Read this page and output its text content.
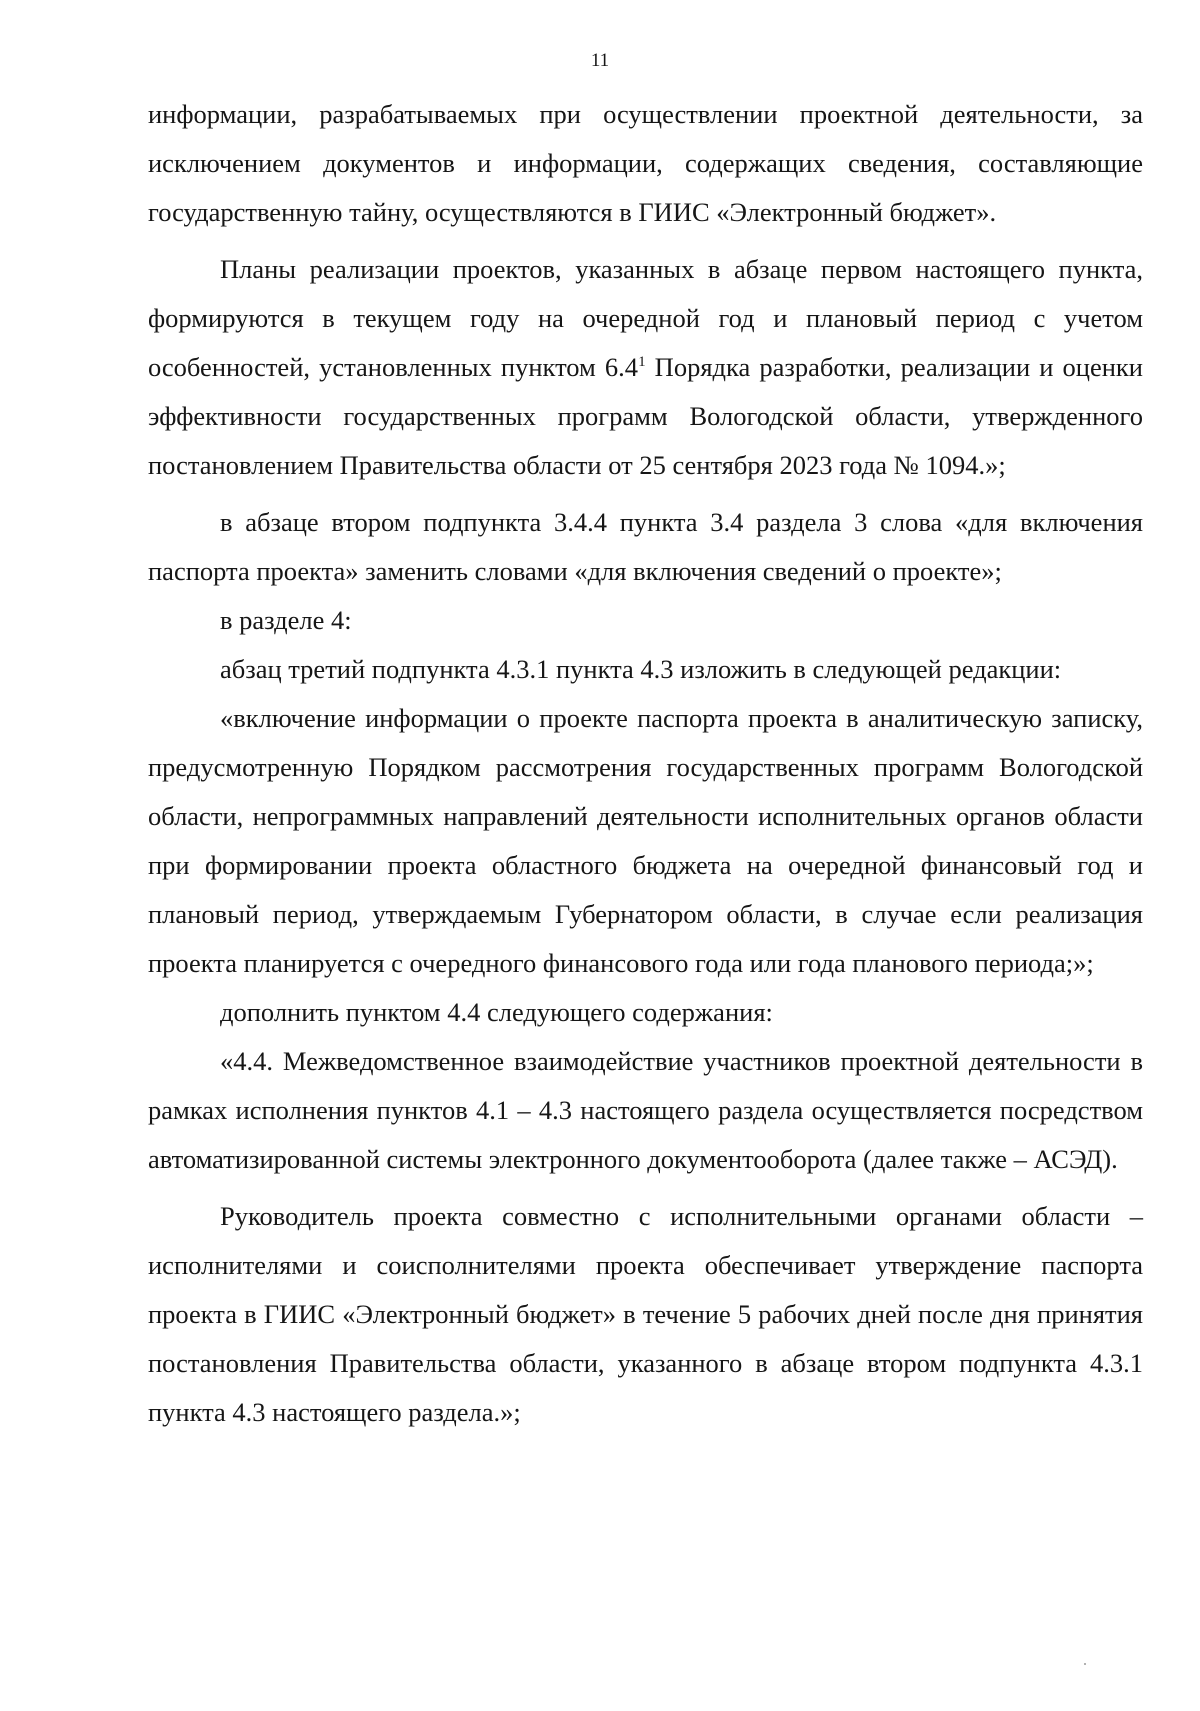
11

информации, разрабатываемых при осуществлении проектной деятельности, за исключением документов и информации, содержащих сведения, составляющие государственную тайну, осуществляются в ГИИС «Электронный бюджет».

Планы реализации проектов, указанных в абзаце первом настоящего пункта, формируются в текущем году на очередной год и плановый период с учетом особенностей, установленных пунктом $6.4^1$ Порядка разработки, реализации и оценки эффективности государственных программ Вологодской области, утвержденного постановлением Правительства области от 25 сентября 2023 года № 1094.»;

в абзаце втором подпункта 3.4.4 пункта 3.4 раздела 3 слова «для включения паспорта проекта» заменить словами «для включения сведений о проекте»;

в разделе 4:

абзац третий подпункта 4.3.1 пункта 4.3 изложить в следующей редакции:

«включение информации о проекте паспорта проекта в аналитическую записку, предусмотренную Порядком рассмотрения государственных программ Вологодской области, непрограммных направлений деятельности исполнительных органов области при формировании проекта областного бюджета на очередной финансовый год и плановый период, утверждаемым Губернатором области, в случае если реализация проекта планируется с очередного финансового года или года планового периода;»;

дополнить пунктом 4.4 следующего содержания:

«4.4. Межведомственное взаимодействие участников проектной деятельности в рамках исполнения пунктов 4.1 – 4.3 настоящего раздела осуществляется посредством автоматизированной системы электронного документооборота (далее также – АСЭД).

Руководитель проекта совместно с исполнительными органами области – исполнителями и соисполнителями проекта обеспечивает утверждение паспорта проекта в ГИИС «Электронный бюджет» в течение 5 рабочих дней после дня принятия постановления Правительства области, указанного в абзаце втором подпункта 4.3.1 пункта 4.3 настоящего раздела.»;
